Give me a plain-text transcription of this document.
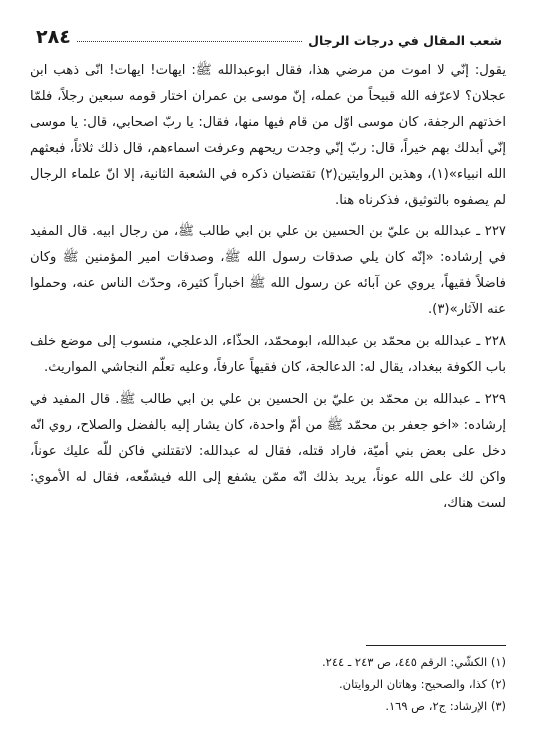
شعب المقال في درجات الرجال
٢٨٤

يقول: إنّي لا اموت من مرضي هذا، فقال ابوعبدالله ﷺ: ايهات! ايهات! انّى ذهب ابن عجلان؟ لاعرّفه الله قبيحاً من عمله، إنّ موسى بن عمران اختار قومه سبعين رجلاً، فلمّا اخذتهم الرجفة، كان موسى اوّل من قام فيها منها، فقال: يا ربّ اصحابي، قال: يا موسى إنّي أبدلك بهم خيراً، قال: ربّ إنّي وجدت ريحهم وعرفت اسماءهم، قال ذلك ثلاثاً، فبعثهم الله انبياء»(١)، وهذين الروايتين(٢) تقتضيان ذكره في الشعبة الثانية، إلا انّ علماء الرجال لم يصفوه بالتوثيق، فذكرناه هنا.

٢٢٧ ـ عبدالله بن عليّ بن الحسين بن علي بن ابي طالب ﷺ، من رجال ابيه. قال المفيد في إرشاده: «إنّه كان يلي صدقات رسول الله ﷺ، وصدقات امير المؤمنين ﷺ وكان فاضلاً فقيهاً، يروي عن آبائه عن رسول الله ﷺ اخباراً كثيرة، وحدّث الناس عنه، وحملوا عنه الآثار»(٣).

٢٢٨ ـ عبدالله بن محمّد بن عبدالله، ابومحمّد، الحذّاء، الدعلجي، منسوب إلى موضع خلف باب الكوفة ببغداد، يقال له: الدعالجة، كان فقيهاً عارفاً، وعليه تعلّم النجاشي المواريث.

٢٢٩ ـ عبدالله بن محمّد بن عليّ بن الحسين بن علي بن ابي طالب ﷺ. قال المفيد في إرشاده: «اخو جعفر بن محمّد ﷺ من أمّ واحدة، كان يشار إليه بالفضل والصلاح، روي انّه دخل على بعض بني أميّة، فاراد قتله، فقال له عبدالله: لاتقتلني فاكن للّه عليك عوناً، واكن لك على الله عوناً، يريد بذلك انّه ممّن يشفع إلى الله فيشفّعه، فقال له الأموي: لست هناك،

(١) الكشّي: الرقم ٤٤٥، ص ٢٤٣ ـ ٢٤٤.
(٢) كذا، والصحيح: وهاتان الروايتان.
(٣) الإرشاد: ج٢، ص ١٦٩.
